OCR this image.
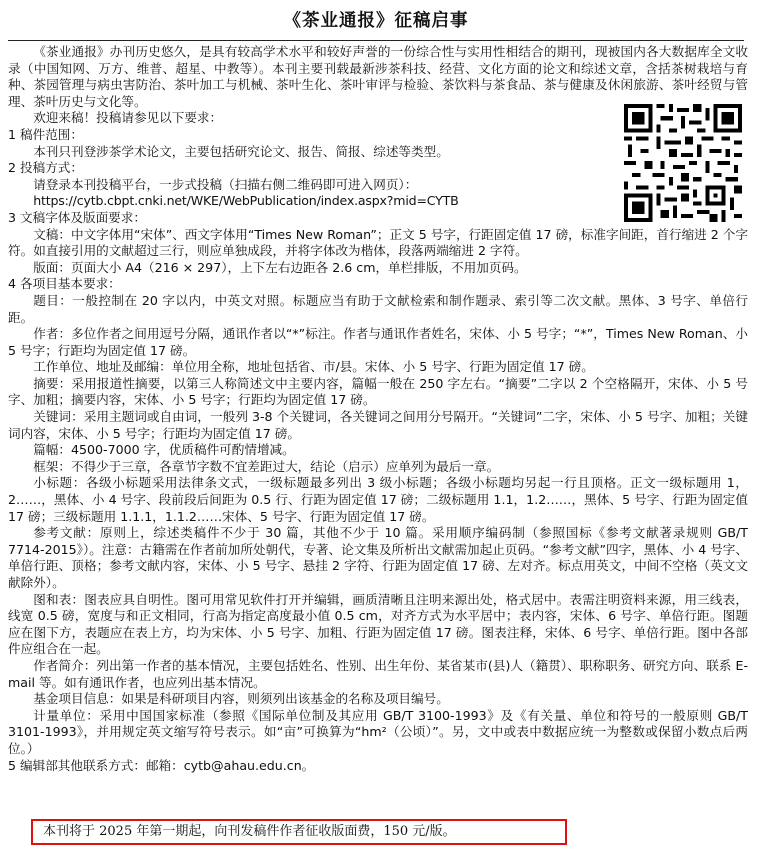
《茶业通报》征稿启事

《茶业通报》办刊历史悠久，是具有较高学术水平和较好声誉的一份综合性与实用性相结合的期刊，现被国内各大数据库全文收录（中国知网、万方、维普、超星、中教等）。本刊主要刊载最新涉茶科技、经营、文化方面的论文和综述文章，含括茶树栽培与育种、茶园管理与病虫害防治、茶叶加工与机械、茶叶生化、茶叶审评与检验、茶饮料与茶食品、茶与健康及休闲旅游、茶叶经贸与管理、茶叶历史与文化等。

欢迎来稿！投稿请参见以下要求：

1 稿件范围：

本刊只刊登涉茶学术论文，主要包括研究论文、报告、简报、综述等类型。

2 投稿方式：

请登录本刊投稿平台，一步式投稿（扫描右侧二维码即可进入网页）：

https://cytb.cbpt.cnki.net/WKE/WebPublication/index.aspx?mid=CYTB

3 文稿字体及版面要求：

文稿：中文字体用“宋体”、西文字体用“Times New Roman”；正文 5 号字，行距固定值 17 磅，标准字间距，首行缩进 2 个字符。如直接引用的文献超过三行，则应单独成段，并将字体改为楷体，段落两端缩进 2 字符。

版面：页面大小 A4（216 × 297），上下左右边距各 2.6 cm，单栏排版，不用加页码。

4 各项目基本要求：

题目：一般控制在 20 字以内，中英文对照。标题应当有助于文献检索和制作题录、索引等二次文献。黑体、3 号字、单倍行距。

作者：多位作者之间用逗号分隔，通讯作者以“*”标注。作者与通讯作者姓名，宋体、小 5 号字；“*”，Times New Roman、小 5 号字；行距均为固定值 17 磅。

工作单位、地址及邮编：单位用全称，地址包括省、市/县。宋体、小 5 号字、行距为固定值 17 磅。

摘要：采用报道性摘要，以第三人称简述文中主要内容，篇幅一般在 250 字左右。“摘要”二字以 2 个空格隔开，宋体、小 5 号字、加粗；摘要内容，宋体、小 5 号字；行距均为固定值 17 磅。

关键词：采用主题词或自由词，一般列 3-8 个关键词，各关键词之间用分号隔开。“关键词”二字，宋体、小 5 号字、加粗；关键词内容，宋体、小 5 号字；行距均为固定值 17 磅。

篇幅：4500-7000 字，优质稿件可酌情增减。

框架：不得少于三章，各章节字数不宜差距过大，结论（启示）应单列为最后一章。

小标题：各级小标题采用法律条文式，一级标题最多列出 3 级小标题；各级小标题均另起一行且顶格。正文一级标题用 1，2……，黑体、小 4 号字、段前段后间距为 0.5 行、行距为固定值 17 磅；二级标题用 1.1，1.2……，黑体、5 号字、行距为固定值 17 磅；三级标题用 1.1.1，1.1.2……宋体、5 号字、行距为固定值 17 磅。

参考文献：原则上，综述类稿件不少于 30 篇，其他不少于 10 篇。采用顺序编码制（参照国标《参考文献著录规则 GB/T 7714-2015》）。注意：古籍需在作者前加所处朝代，专著、论文集及所析出文献需加起止页码。“参考文献”四字，黑体、小 4 号字、单倍行距、顶格；参考文献内容，宋体、小 5 号字、悬挂 2 字符、行距为固定值 17 磅、左对齐。标点用英文，中间不空格（英文文献除外）。

图和表：图表应具自明性。图可用常见软件打开并编辑，画质清晰且注明来源出处，格式居中。表需注明资料来源，用三线表，线宽 0.5 磅，宽度与和正文相同，行高为指定高度最小值 0.5 cm，对齐方式为水平居中；表内容，宋体、6 号字、单倍行距。图题应在图下方，表题应在表上方，均为宋体、小 5 号字、加粗、行距为固定值 17 磅。图表注释，宋体、6 号字、单倍行距。图中各部件应组合在一起。

作者简介：列出第一作者的基本情况，主要包括姓名、性别、出生年份、某省某市(县)人（籍贯）、职称职务、研究方向、联系 E-mail 等。如有通讯作者，也应列出基本情况。

基金项目信息：如果是科研项目内容，则须列出该基金的名称及项目编号。

计量单位：采用中国国家标准（参照《国际单位制及其应用 GB/T 3100-1993》及《有关量、单位和符号的一般原则 GB/T 3101-1993》，并用规定英文缩写符号表示。如“亩”可换算为“hm²（公顷）”。另，文中或表中数据应统一为整数或保留小数点后两位。）

5 编辑部其他联系方式：邮箱：cytb@ahau.edu.cn。

本刊将于 2025 年第一期起，向刊发稿件作者征收版面费，150 元/版。
